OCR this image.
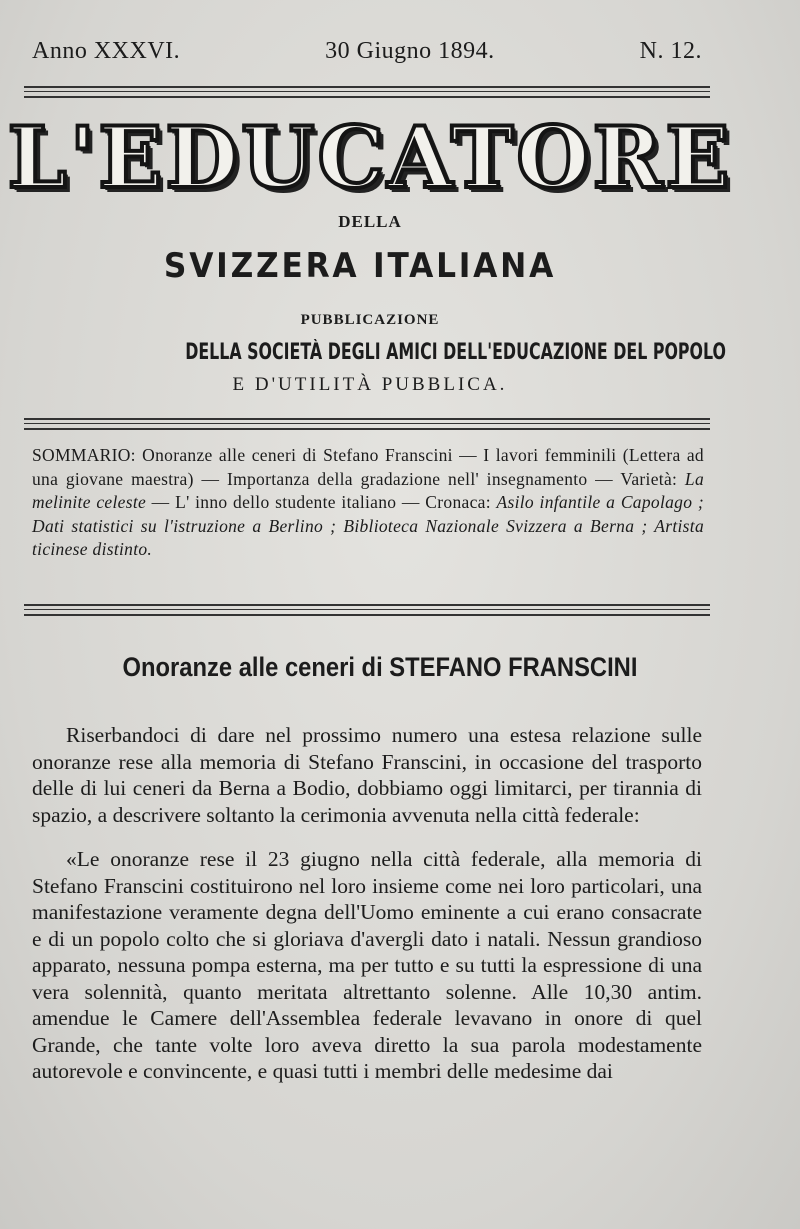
Anno XXXVI.	30 Giugno 1894.	N. 12.
L'EDUCATORE
DELLA
SVIZZERA ITALIANA
PUBBLICAZIONE
DELLA SOCIETÀ DEGLI AMICI DELL'EDUCAZIONE DEL POPOLO
E D'UTILITÀ PUBBLICA.
SOMMARIO: Onoranze alle ceneri di Stefano Franscini — I lavori femminili (Lettera ad una giovane maestra) — Importanza della gradazione nell' insegnamento — Varietà: La melinite celeste — L' inno dello studente italiano — Cronaca: Asilo infantile a Capolago ; Dati statistici su l'istruzione a Berlino ; Biblioteca Nazionale Svizzera a Berna ; Artista ticinese distinto.
Onoranze alle ceneri di STEFANO FRANSCINI

Riserbandoci di dare nel prossimo numero una estesa relazione sulle onoranze rese alla memoria di Stefano Franscini, in occasione del trasporto delle di lui ceneri da Berna a Bodio, dobbiamo oggi limitarci, per tirannia di spazio, a descrivere soltanto la cerimonia avvenuta nella città federale:

«Le onoranze rese il 23 giugno nella città federale, alla memoria di Stefano Franscini costituirono nel loro insieme come nei loro particolari, una manifestazione veramente degna dell'Uomo eminente a cui erano consacrate e di un popolo colto che si gloriava d'avergli dato i natali. Nessun grandioso apparato, nessuna pompa esterna, ma per tutto e su tutti la espressione di una vera solennità, quanto meritata altrettanto solenne. Alle 10,30 antim. amendue le Camere dell'Assemblea federale levavano in onore di quel Grande, che tante volte loro aveva diretto la sua parola modestamente autorevole e convincente, e quasi tutti i membri delle medesime dai
